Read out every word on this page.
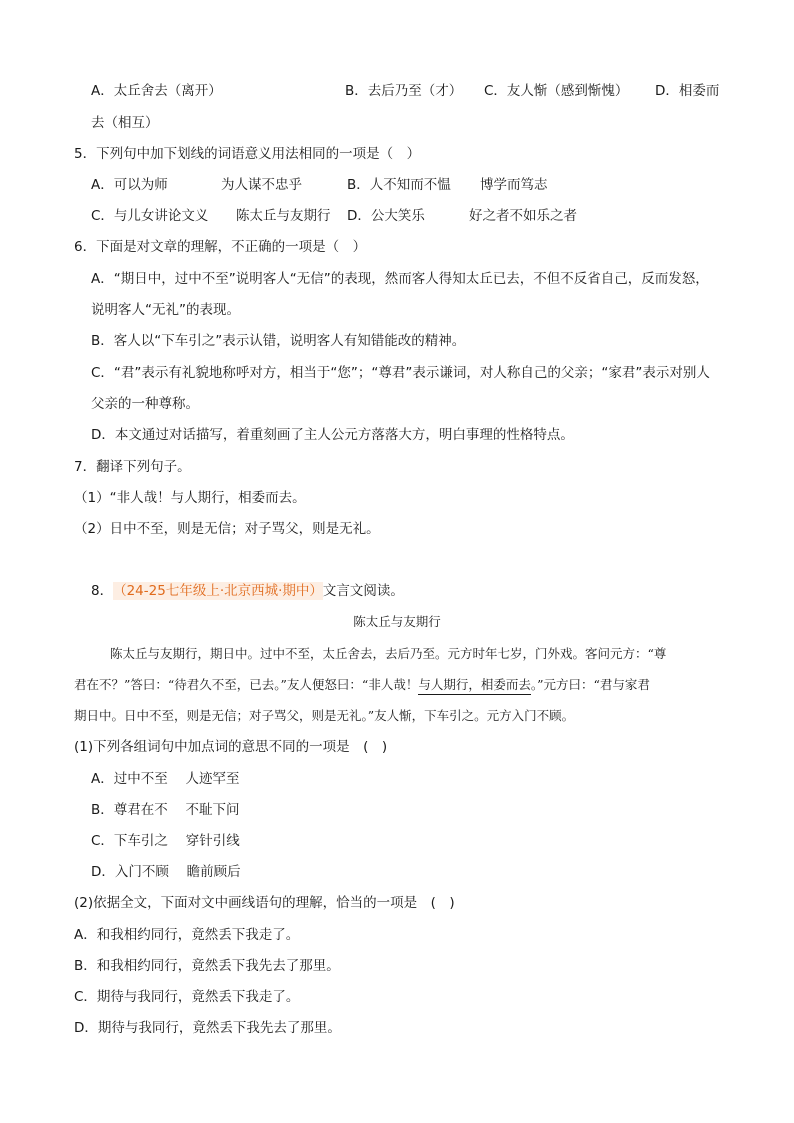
A．太丘舍去（离开）	B．去后乃至（才） C．友人惭（感到惭愧） D．相委而
去（相互）
5．下列句中加下划线的词语意义用法相同的一项是（　）
A．可以为师	为人谋不忠乎	B．人不知而不愠 博学而笃志
C．与儿女讲论文义 陈太丘与友期行 D．公大笑乐	好之者不如乐之者
6．下面是对文章的理解，不正确的一项是（　）
A．“期日中，过中不至”说明客人“无信”的表现，然而客人得知太丘已去，不但不反省自己，反而发怒，
说明客人“无礼”的表现。
B．客人以“下车引之”表示认错，说明客人有知错能改的精神。
C．“君”表示有礼貌地称呼对方，相当于“您”；“尊君”表示谦词，对人称自己的父亲；“家君”表示对别人
父亲的一种尊称。
D．本文通过对话描写，着重刻画了主人公元方落落大方，明白事理的性格特点。
7．翻译下列句子。
（1）“非人哉！与人期行，相委而去。
（2）日中不至，则是无信；对子骂父，则是无礼。
8．（24-25七年级上·北京西城·期中）文言文阅读。
陈太丘与友期行
陈太丘与友期行，期日中。过中不至，太丘舍去，去后乃至。元方时年七岁，门外戏。客问元方：“尊
君在不？”答曰：“待君久不至，已去。”友人便怒曰：“非人哉！与人期行，相委而去。”元方曰：“君与家君
期日中。日中不至，则是无信；对子骂父，则是无礼。”友人惭，下车引之。元方入门不顾。
(1)下列各组词句中加点词的意思不同的一项是　(　)
A．过中不至　 人迹罕至
B．尊君在不　 不耻下问
C．下车引之　 穿针引线
D．入门不顾　 瞻前顾后
(2)依据全文，下面对文中画线语句的理解，恰当的一项是　(　)
A．和我相约同行，竟然丢下我走了。
B．和我相约同行，竟然丢下我先去了那里。
C．期待与我同行，竟然丢下我走了。
D．期待与我同行，竟然丢下我先去了那里。
